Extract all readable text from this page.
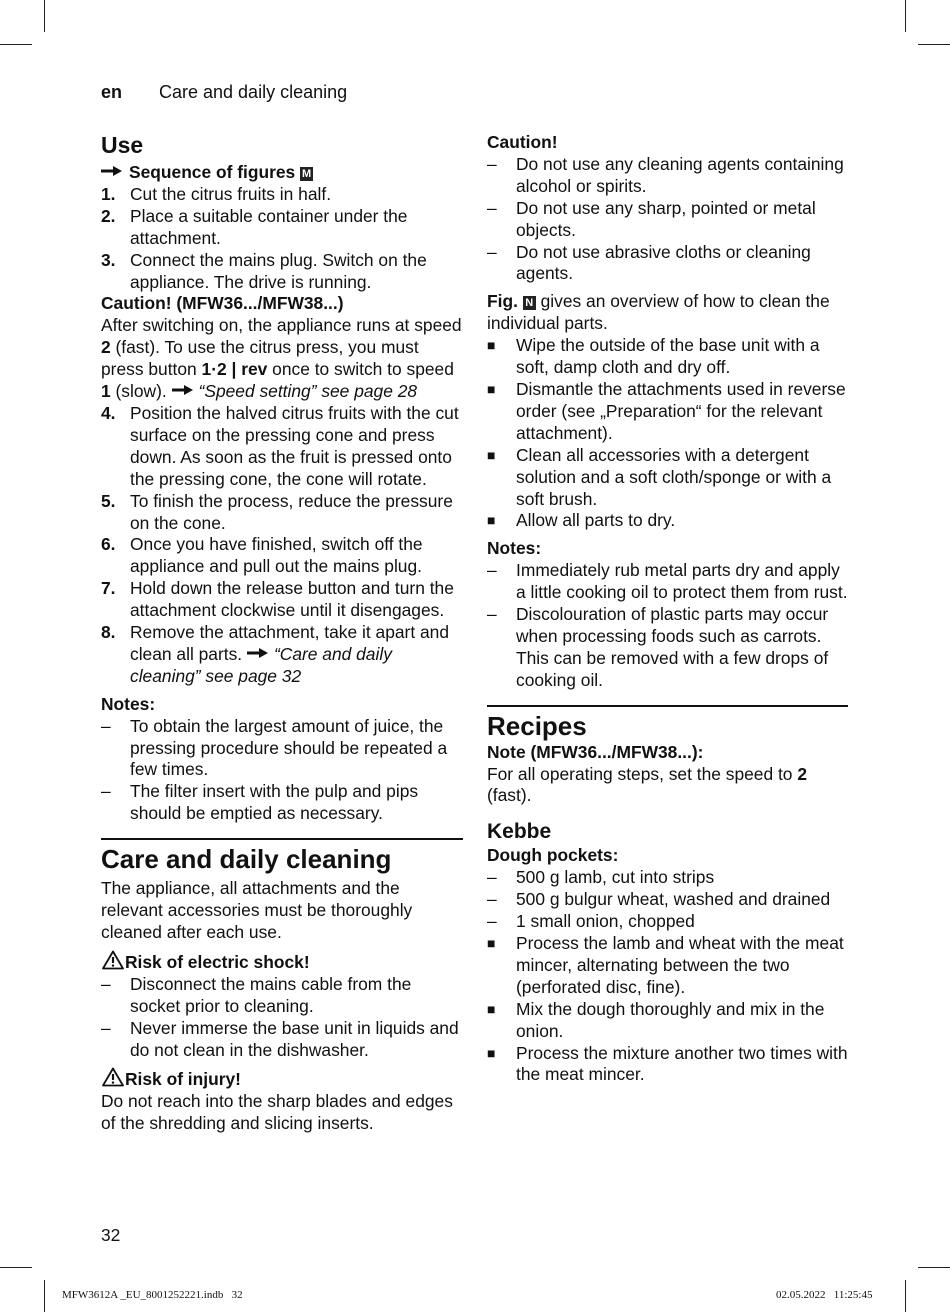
en Care and daily cleaning
Use

Sequence of figures M

1. Cut the citrus fruits in half.
2. Place a suitable container under the attachment.
3. Connect the mains plug. Switch on the appliance. The drive is running.

Caution! (MFW36.../MFW38...)

After switching on, the appliance runs at speed 2 (fast). To use the citrus press, you must press button 1·2 | rev once to switch to speed 1 (slow). “Speed setting” see page 28

4. Position the halved citrus fruits with the cut surface on the pressing cone and press down. As soon as the fruit is pressed onto the pressing cone, the cone will rotate.
5. To finish the process, reduce the pressure on the cone.
6. Once you have finished, switch off the appliance and pull out the mains plug.
7. Hold down the release button and turn the attachment clockwise until it disengages.
8. Remove the attachment, take it apart and clean all parts. “Care and daily cleaning” see page 32

Notes:

–	To obtain the largest amount of juice, the pressing procedure should be repeated a few times.
–	The filter insert with the pulp and pips should be emptied as necessary.
Care and daily cleaning

The appliance, all attachments and the relevant accessories must be thoroughly cleaned after each use.

Risk of electric shock!

–	Disconnect the mains cable from the socket prior to cleaning.
–	Never immerse the base unit in liquids and do not clean in the dishwasher.

Risk of injury!

Do not reach into the sharp blades and edges of the shredding and slicing inserts.

Caution!

–	Do not use any cleaning agents containing alcohol or spirits.
–	Do not use any sharp, pointed or metal objects.
–	Do not use abrasive cloths or cleaning agents.

Fig. N gives an overview of how to clean the individual parts.

■	Wipe the outside of the base unit with a soft, damp cloth and dry off.
■	Dismantle the attachments used in reverse order (see „Preparation“ for the relevant attachment).
■	Clean all accessories with a detergent solution and a soft cloth/sponge or with a soft brush.
■	Allow all parts to dry.

Notes:

–	Immediately rub metal parts dry and apply a little cooking oil to protect them from rust.
–	Discolouration of plastic parts may occur when processing foods such as carrots. This can be removed with a few drops of cooking oil.
Recipes

Note (MFW36.../MFW38...):

For all operating steps, set the speed to 2 (fast).

Kebbe

Dough pockets:

–	500 g lamb, cut into strips
–	500 g bulgur wheat, washed and drained
–	1 small onion, chopped
■	Process the lamb and wheat with the meat mincer, alternating between the two (perforated disc, fine).
■	Mix the dough thoroughly and mix in the onion.
■	Process the mixture another two times with the meat mincer.
32
MFW3612A _EU_8001252221.indb   32	02.05.2022   11:25:45
